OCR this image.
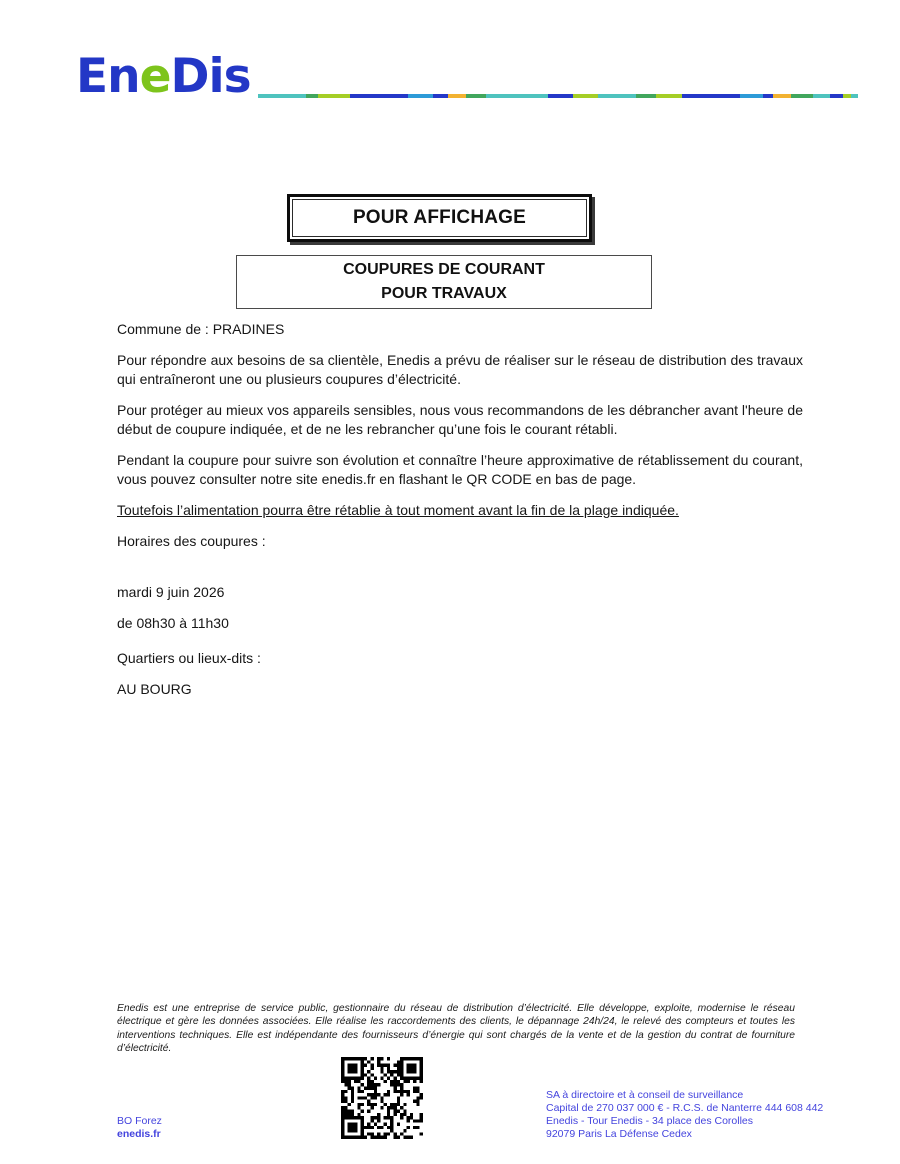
En e Dis
POUR AFFICHAGE
COUPURES DE COURANT
POUR TRAVAUX

Commune de : PRADINES

Pour répondre aux besoins de sa clientèle, Enedis a prévu de réaliser sur le réseau de distribution des travaux qui entraîneront une ou plusieurs coupures d’électricité.

Pour protéger au mieux vos appareils sensibles, nous vous recommandons de les débrancher avant l'heure de début de coupure indiquée, et de ne les rebrancher qu’une fois le courant rétabli.

Pendant la coupure pour suivre son évolution et connaître l’heure approximative de rétablissement du courant, vous pouvez consulter notre site enedis.fr en flashant le QR CODE en bas de page.

Toutefois l’alimentation pourra être rétablie à tout moment avant la fin de la plage indiquée.

Horaires des coupures :

mardi 9 juin 2026

de 08h30 à 11h30

Quartiers ou lieux-dits :

AU BOURG

Enedis est une entreprise de service public, gestionnaire du réseau de distribution d’électricité. Elle développe, exploite, modernise le réseau électrique et gère les données associées. Elle réalise les raccordements des clients, le dépannage 24h/24, le relevé des compteurs et toutes les interventions techniques. Elle est indépendante des fournisseurs d’énergie qui sont chargés de la vente et de la gestion du contrat de fourniture d’électricité.
BO Forez
enedis.fr
SA à directoire et à conseil de surveillance
Capital de 270 037 000 € - R.C.S. de Nanterre 444 608 442
Enedis - Tour Enedis - 34 place des Corolles
92079 Paris La Défense Cedex
